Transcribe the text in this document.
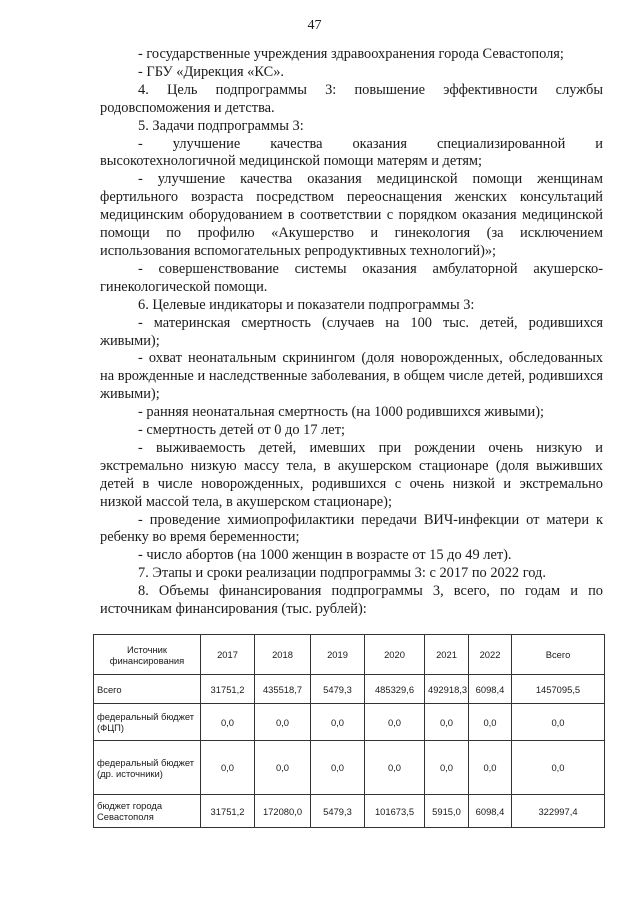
47

- государственные учреждения здравоохранения города Севастополя;

- ГБУ «Дирекция «КС».

4. Цель подпрограммы 3: повышение эффективности службы родовспоможения и детства.

5. Задачи подпрограммы 3:

- улучшение качества оказания специализированной и высокотехнологичной медицинской помощи матерям и детям;

- улучшение качества оказания медицинской помощи женщинам фертильного возраста посредством переоснащения женских консультаций медицинским оборудованием в соответствии с порядком оказания медицинской помощи по профилю «Акушерство и гинекология (за исключением использования вспомогательных репродуктивных технологий)»;

- совершенствование системы оказания амбулаторной акушерско-гинекологической помощи.

6. Целевые индикаторы и показатели подпрограммы 3:

- материнская смертность (случаев на 100 тыс. детей, родившихся живыми);

- охват неонатальным скринингом (доля новорожденных, обследованных на врожденные и наследственные заболевания, в общем числе детей, родившихся живыми);

- ранняя неонатальная смертность (на 1000 родившихся живыми);

- смертность детей от 0 до 17 лет;

- выживаемость детей, имевших при рождении очень низкую и экстремально низкую массу тела, в акушерском стационаре (доля выживших детей в числе новорожденных, родившихся с очень низкой и экстремально низкой массой тела, в акушерском стационаре);

- проведение химиопрофилактики передачи ВИЧ-инфекции от матери к ребенку во время беременности;

- число абортов (на 1000 женщин в возрасте от 15 до 49 лет).

7. Этапы и сроки реализации подпрограммы 3: с 2017 по 2022 год.

8. Объемы финансирования подпрограммы 3, всего, по годам и по источникам финансирования (тыс. рублей):

Источник финансирования	2017	2018	2019	2020	2021	2022	Всего
Всего	31751,2	435518,7	5479,3	485329,6	492918,3	6098,4	1457095,5
федеральный бюджет (ФЦП)	0,0	0,0	0,0	0,0	0,0	0,0	0,0
федеральный бюджет (др. источники)	0,0	0,0	0,0	0,0	0,0	0,0	0,0
бюджет города Севастополя	31751,2	172080,0	5479,3	101673,5	5915,0	6098,4	322997,4
